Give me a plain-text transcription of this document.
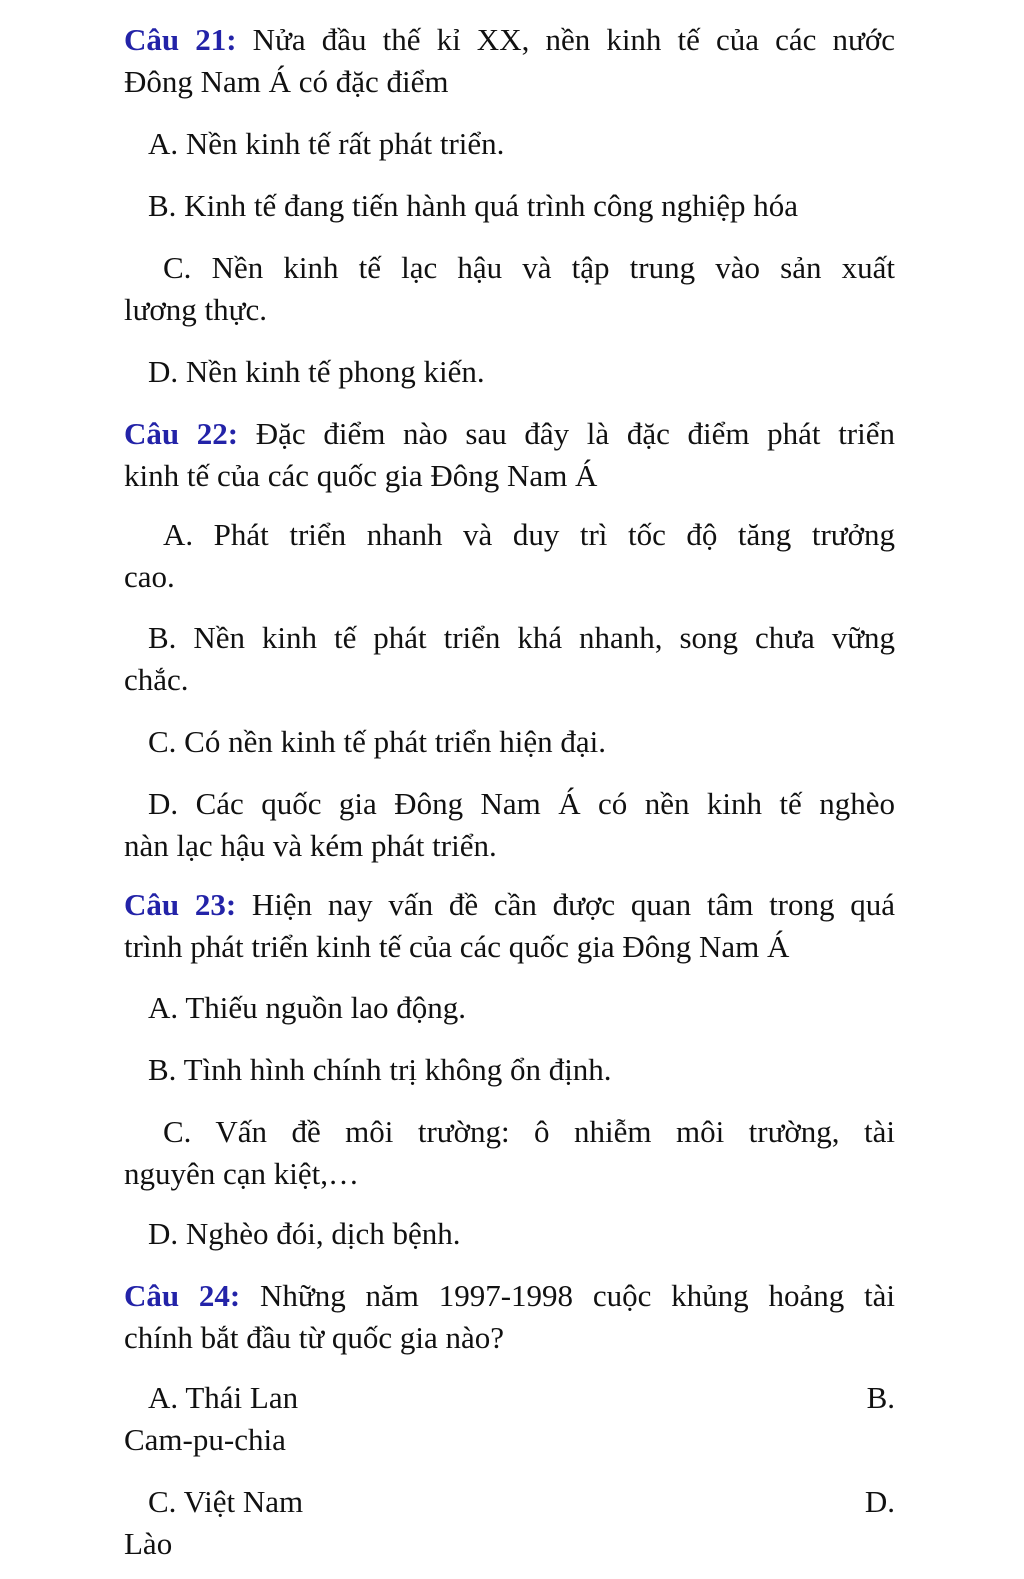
Câu 21: Nửa đầu thế kỉ XX, nền kinh tế của các nước
Đông Nam Á có đặc điểm
A. Nền kinh tế rất phát triển.
B. Kinh tế đang tiến hành quá trình công nghiệp hóa
C. Nền kinh tế lạc hậu và tập trung vào sản xuất
lương thực.
D. Nền kinh tế phong kiến.
Câu 22: Đặc điểm nào sau đây là đặc điểm phát triển
kinh tế của các quốc gia Đông Nam Á
A. Phát triển nhanh và duy trì tốc độ tăng trưởng
cao.
B. Nền kinh tế phát triển khá nhanh, song chưa vững
chắc.
C. Có nền kinh tế phát triển hiện đại.
D. Các quốc gia Đông Nam Á có nền kinh tế nghèo
nàn lạc hậu và kém phát triển.
Câu 23: Hiện nay vấn đề cần được quan tâm trong quá
trình phát triển kinh tế của các quốc gia Đông Nam Á
A. Thiếu nguồn lao động.
B. Tình hình chính trị không ổn định.
C. Vấn đề môi trường: ô nhiễm môi trường, tài
nguyên cạn kiệt,…
D. Nghèo đói, dịch bệnh.
Câu 24: Những năm 1997-1998 cuộc khủng hoảng tài
chính bắt đầu từ quốc gia nào?
A. Thái Lan	B.
Cam-pu-chia
C. Việt Nam	D.
Lào
